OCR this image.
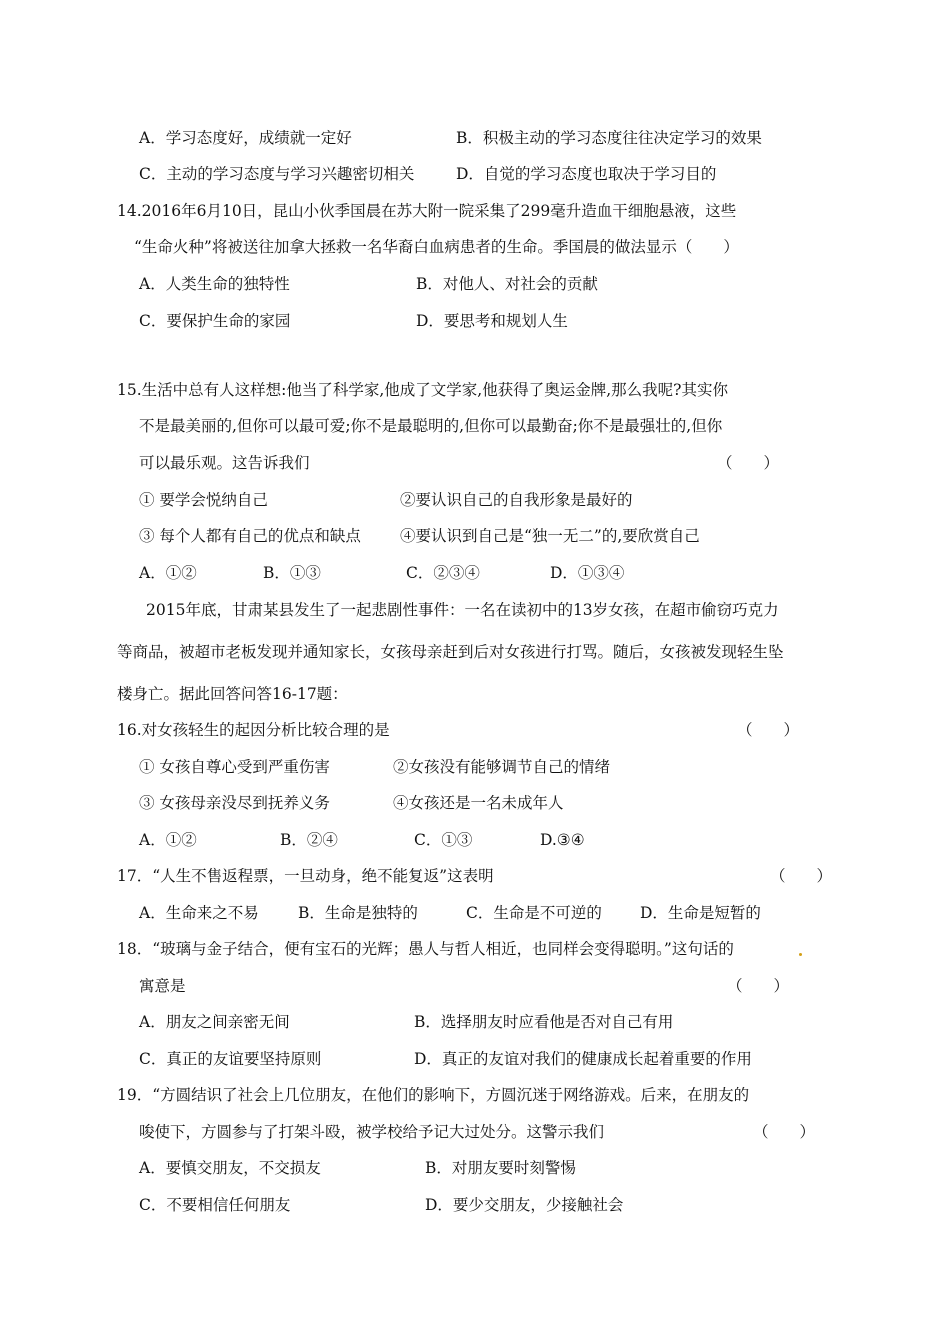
A．学习态度好，成绩就一定好	B．积极主动的学习态度往往决定学习的效果
C．主动的学习态度与学习兴趣密切相关	D．自觉的学习态度也取决于学习目的
14.2016年6月10日，昆山小伙季国晨在苏大附一院采集了299毫升造血干细胞悬液，这些
“生命火种”将被送往加拿大拯救一名华裔白血病患者的生命。季国晨的做法显示（　　）
A．人类生命的独特性	B．对他人、对社会的贡献
C．要保护生命的家园	D．要思考和规划人生
15.生活中总有人这样想:他当了科学家,他成了文学家,他获得了奥运金牌,那么我呢?其实你
不是最美丽的,但你可以最可爱;你不是最聪明的,但你可以最勤奋;你不是最强壮的,但你
可以最乐观。这告诉我们	（　　）
① 要学会悦纳自己	②要认识自己的自我形象是最好的
③ 每个人都有自己的优点和缺点	④要认识到自己是“独一无二”的,要欣赏自己
A．①②	B．①③	C．②③④	D．①③④
2015年底，甘肃某县发生了一起悲剧性事件：一名在读初中的13岁女孩，在超市偷窃巧克力
等商品，被超市老板发现并通知家长，女孩母亲赶到后对女孩进行打骂。随后，女孩被发现轻生坠
楼身亡。据此回答问答16-17题：
16.对女孩轻生的起因分析比较合理的是	（　　）
① 女孩自尊心受到严重伤害	②女孩没有能够调节自己的情绪
③ 女孩母亲没尽到抚养义务	④女孩还是一名未成年人
A．①②	B．②④	C．①③	D.③④
17．“人生不售返程票，一旦动身，绝不能复返”这表明	（　　）
A．生命来之不易	B．生命是独特的	C．生命是不可逆的 D．生命是短暂的
18．“玻璃与金子结合，便有宝石的光辉；愚人与哲人相近，也同样会变得聪明。”这句话的
寓意是	（　　）
A．朋友之间亲密无间	B．选择朋友时应看他是否对自己有用
C．真正的友谊要坚持原则	D．真正的友谊对我们的健康成长起着重要的作用
19．“方圆结识了社会上几位朋友，在他们的影响下，方圆沉迷于网络游戏。后来，在朋友的
唆使下，方圆参与了打架斗殴，被学校给予记大过处分。这警示我们	（　　）
A．要慎交朋友，不交损友	B．对朋友要时刻警惕
C．不要相信任何朋友	D．要少交朋友，少接触社会
